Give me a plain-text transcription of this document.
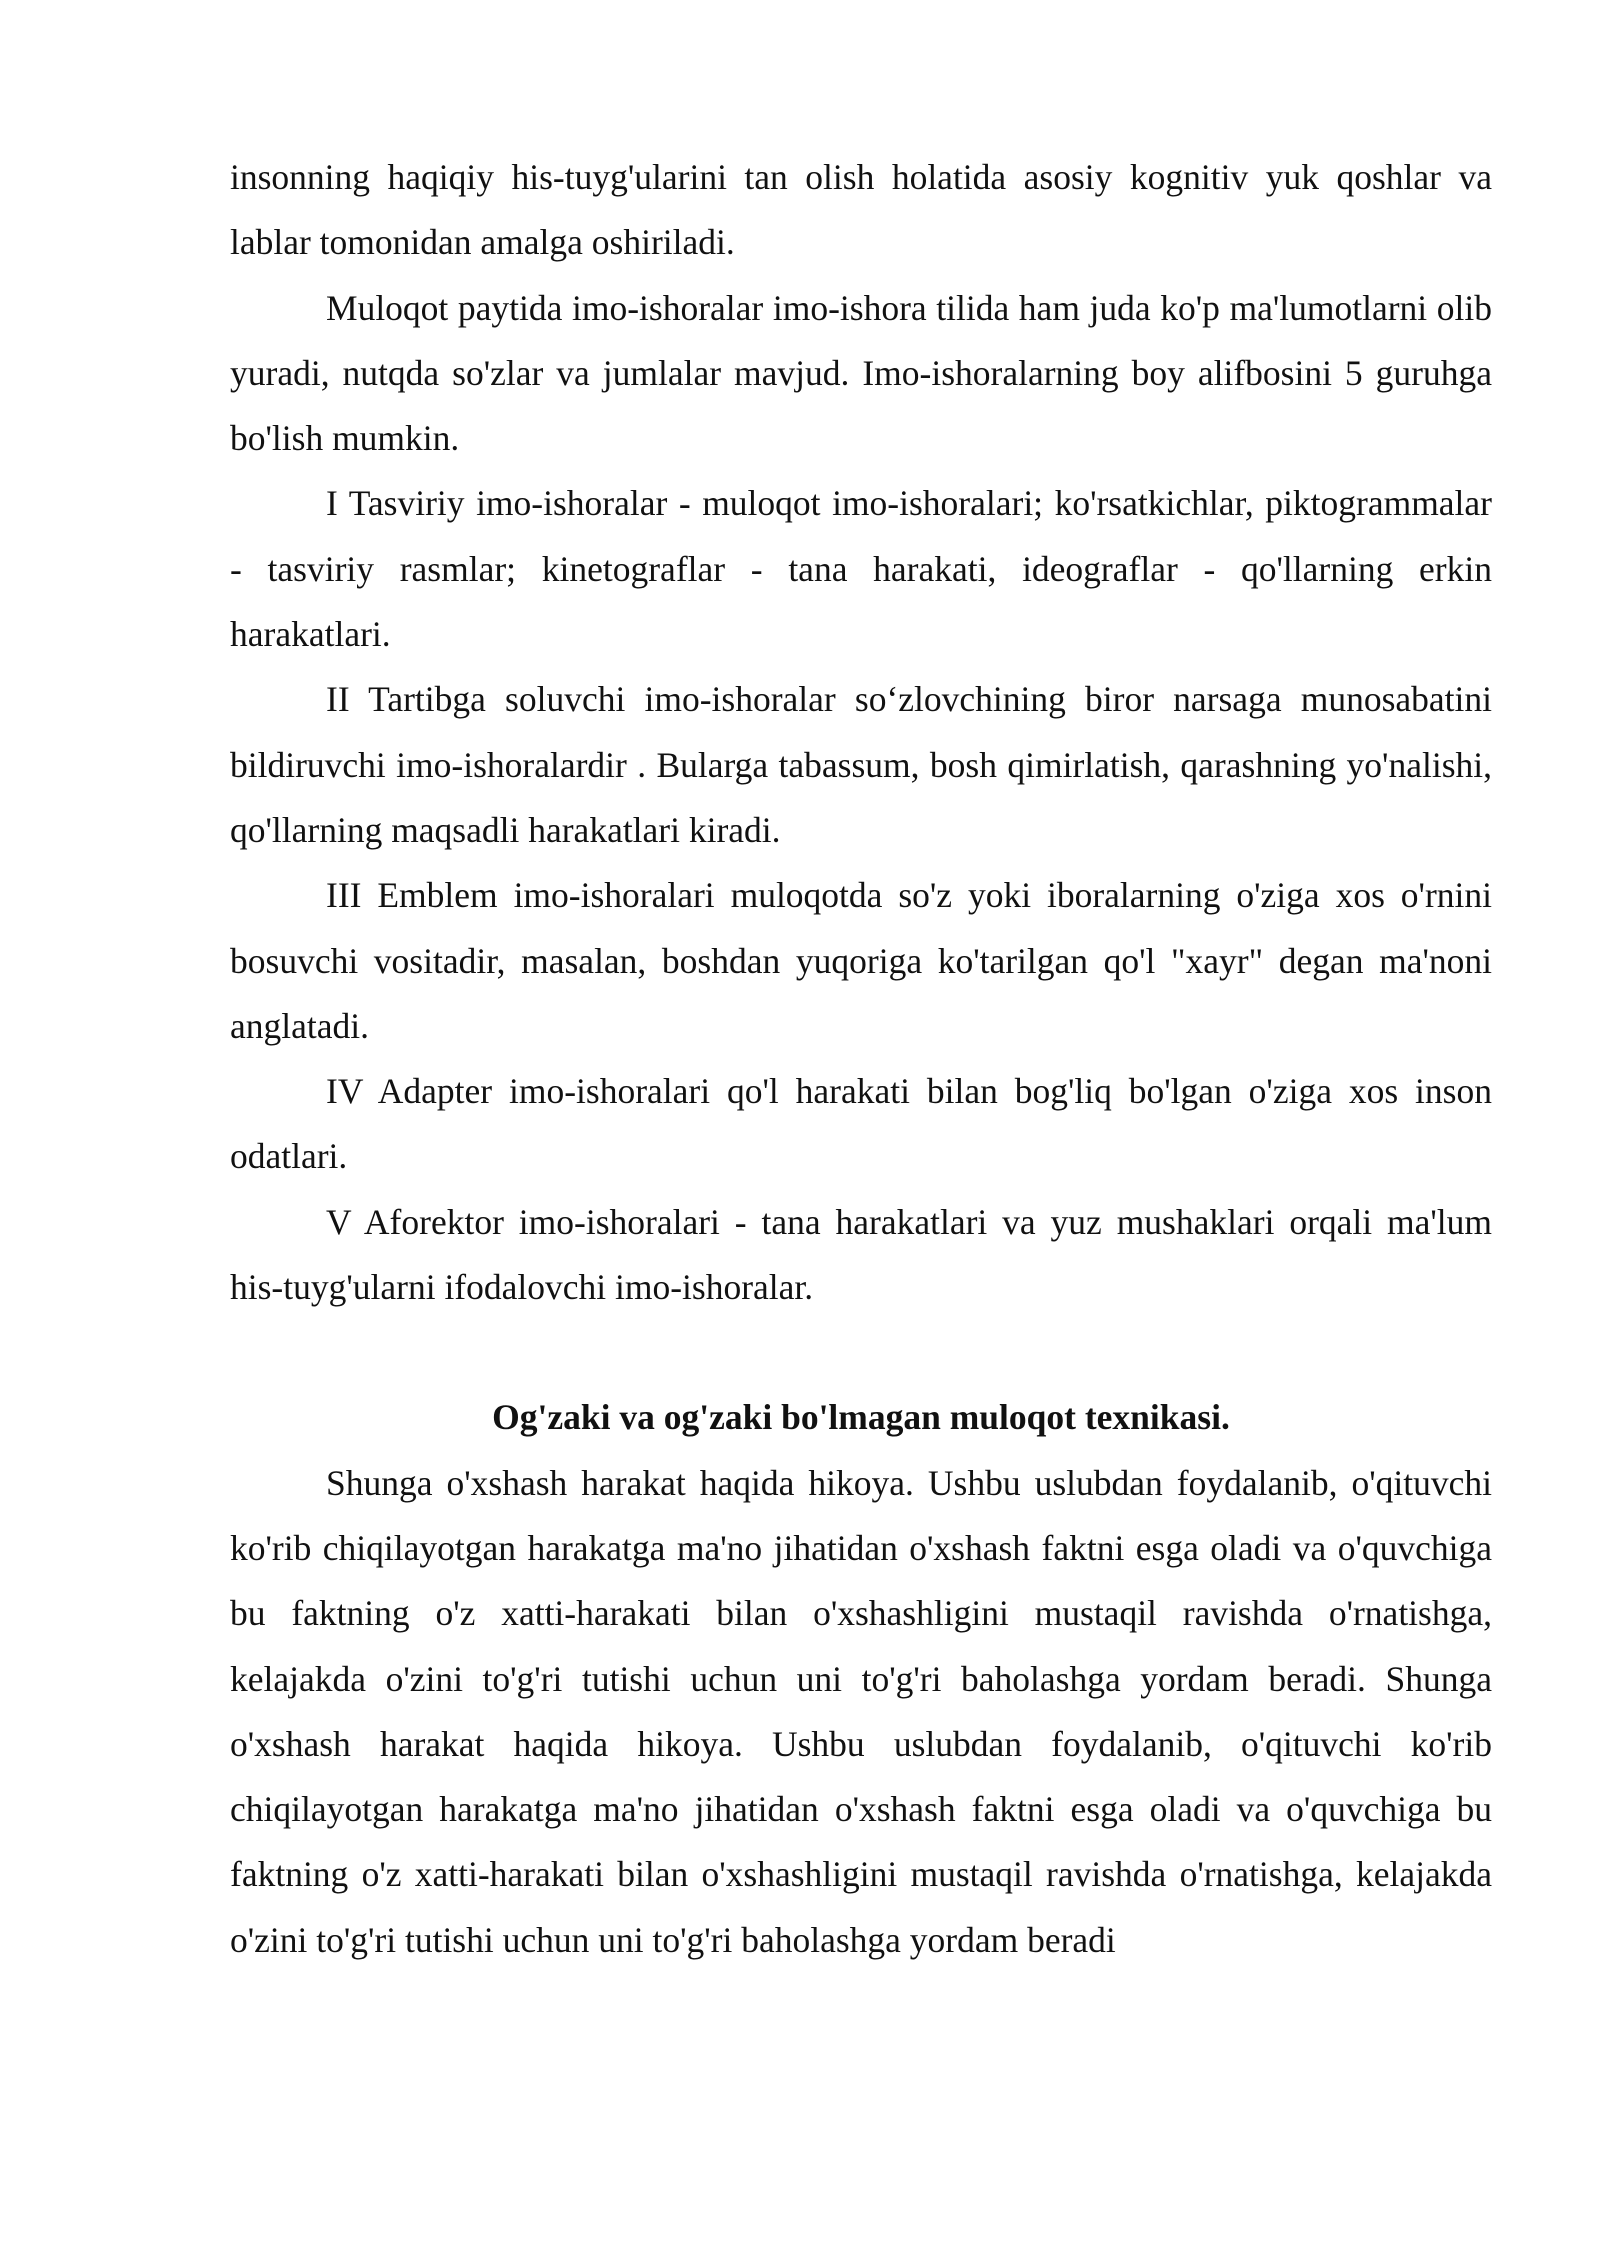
insonning haqiqiy his-tuyg'ularini tan olish holatida asosiy kognitiv yuk qoshlar va lablar tomonidan amalga oshiriladi.

Muloqot paytida imo-ishoralar imo-ishora tilida ham juda ko'p ma'lumotlarni olib yuradi, nutqda so'zlar va jumlalar mavjud. Imo-ishoralarning boy alifbosini 5 guruhga bo'lish mumkin.

I Tasviriy imo-ishoralar - muloqot imo-ishoralari; ko'rsatkichlar, piktogrammalar - tasviriy rasmlar; kinetograflar - tana harakati, ideograflar - qo'llarning erkin harakatlari.

II Tartibga soluvchi imo-ishoralar so‘zlovchining biror narsaga munosabatini bildiruvchi imo-ishoralardir . Bularga tabassum, bosh qimirlatish, qarashning yo'nalishi, qo'llarning maqsadli harakatlari kiradi.

III Emblem imo-ishoralari muloqotda so'z yoki iboralarning o'ziga xos o'rnini bosuvchi vositadir, masalan, boshdan yuqoriga ko'tarilgan qo'l "xayr" degan ma'noni anglatadi.

IV Adapter imo-ishoralari qo'l harakati bilan bog'liq bo'lgan o'ziga xos inson odatlari.

V Aforektor imo-ishoralari - tana harakatlari va yuz mushaklari orqali ma'lum his-tuyg'ularni ifodalovchi imo-ishoralar.

Og'zaki va og'zaki bo'lmagan muloqot texnikasi.

Shunga o'xshash harakat haqida hikoya. Ushbu uslubdan foydalanib, o'qituvchi ko'rib chiqilayotgan harakatga ma'no jihatidan o'xshash faktni esga oladi va o'quvchiga bu faktning o'z xatti-harakati bilan o'xshashligini mustaqil ravishda o'rnatishga, kelajakda o'zini to'g'ri tutishi uchun uni to'g'ri baholashga yordam beradi. Shunga o'xshash harakat haqida hikoya. Ushbu uslubdan foydalanib, o'qituvchi ko'rib chiqilayotgan harakatga ma'no jihatidan o'xshash faktni esga oladi va o'quvchiga bu faktning o'z xatti-harakati bilan o'xshashligini mustaqil ravishda o'rnatishga, kelajakda o'zini to'g'ri tutishi uchun uni to'g'ri baholashga yordam beradi
